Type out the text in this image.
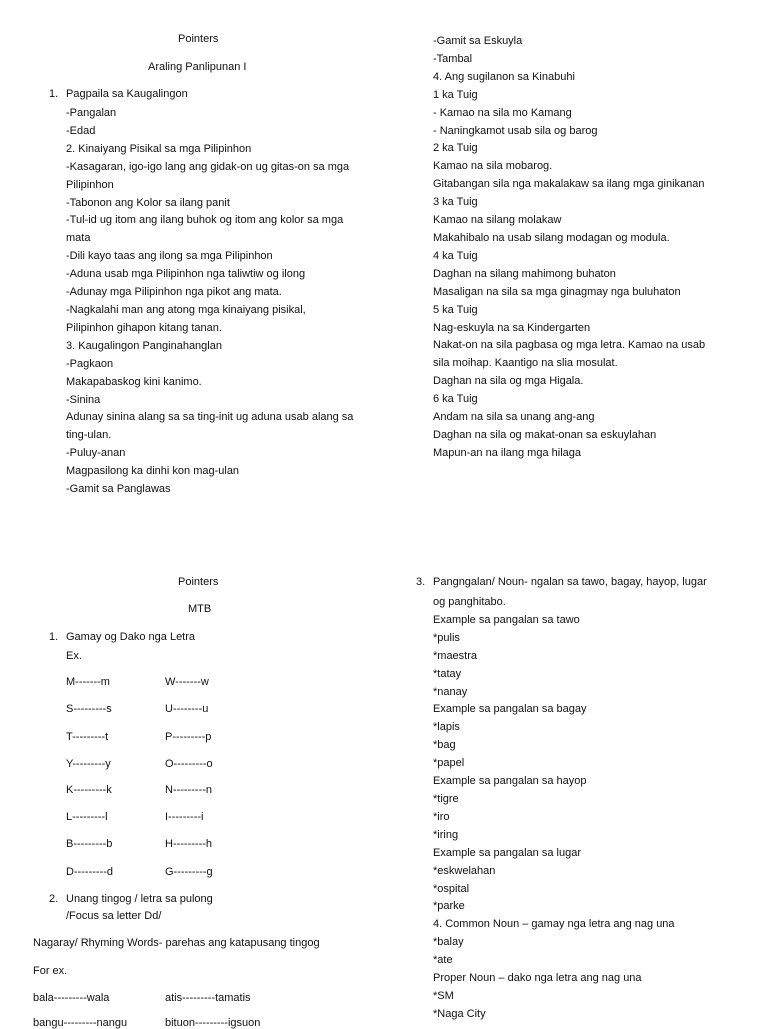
Pointers
Araling Panlipunan I
1. Pagpaila sa Kaugalingon
-Pangalan
-Edad
2. Kinaiyang Pisikal sa mga Pilipinhon
-Kasagaran, igo-igo lang ang gidak-on ug gitas-on sa mga
Pilipinhon
-Tabonon ang Kolor sa ilang panit
-Tul-id ug itom ang ilang buhok og itom ang kolor sa mga
mata
-Dili kayo taas ang ilong sa mga Pilipinhon
-Aduna usab mga Pilipinhon nga taliwtiw og ilong
-Adunay mga Pilipinhon nga pikot ang mata.
-Nagkalahi man ang atong mga kinaiyang pisikal,
Pilipinhon gihapon kitang tanan.
3. Kaugalingon Panginahanglan
-Pagkaon
Makapabaskog kini kanimo.
-Sinina
Adunay sinina alang sa sa ting-init ug aduna usab alang sa
ting-ulan.
-Puluy-anan
Magpasilong ka dinhi kon mag-ulan
-Gamit sa Panglawas
-Gamit sa Eskuyla
-Tambal
4. Ang sugilanon sa Kinabuhi
1 ka Tuig
- Kamao na sila mo Kamang
- Naningkamot usab sila og barog
2 ka Tuig
Kamao na sila mobarog.
Gitabangan sila nga makalakaw sa ilang mga ginikanan
3 ka Tuig
Kamao na silang molakaw
Makahibalo na usab silang modagan og modula.
4 ka Tuig
Daghan na silang mahimong buhaton
Masaligan na sila sa mga ginagmay nga buluhaton
5 ka Tuig
Nag-eskuyla na sa Kindergarten
Nakat-on na sila pagbasa og mga letra. Kamao na usab
sila moihap. Kaantigo na slia mosulat.
Daghan na sila og mga Higala.
6 ka Tuig
Andam na sila sa unang ang-ang
Daghan na sila og makat-onan sa eskuylahan
Mapun-an na ilang mga hilaga
Pointers
MTB
1. Gamay og Dako nga Letra
Ex.
M-------m
S---------s
T---------t
Y---------y
K---------k
L---------l
B---------b
D---------d
W-------w
U--------u
P---------p
O---------o
N---------n
I---------i
H---------h
G---------g
2. Unang tingog / letra sa pulong
/Focus sa letter Dd/
Nagaray/ Rhyming Words- parehas ang katapusang tingog
For ex.
bala---------wala	atis---------tamatis
bangu---------nangu	bituon---------igsuon
3. Pangngalan/ Noun- ngalan sa tawo, bagay, hayop, lugar
og panghitabo.
Example sa pangalan sa tawo
*pulis
*maestra
*tatay
*nanay
Example sa pangalan sa bagay
*lapis
*bag
*papel
Example sa pangalan sa hayop
*tigre
*iro
*iring
Example sa pangalan sa lugar
*eskwelahan
*ospital
*parke
4. Common Noun – gamay nga letra ang nag una
*balay
*ate
Proper Noun – dako nga letra ang nag una
*SM
*Naga City
